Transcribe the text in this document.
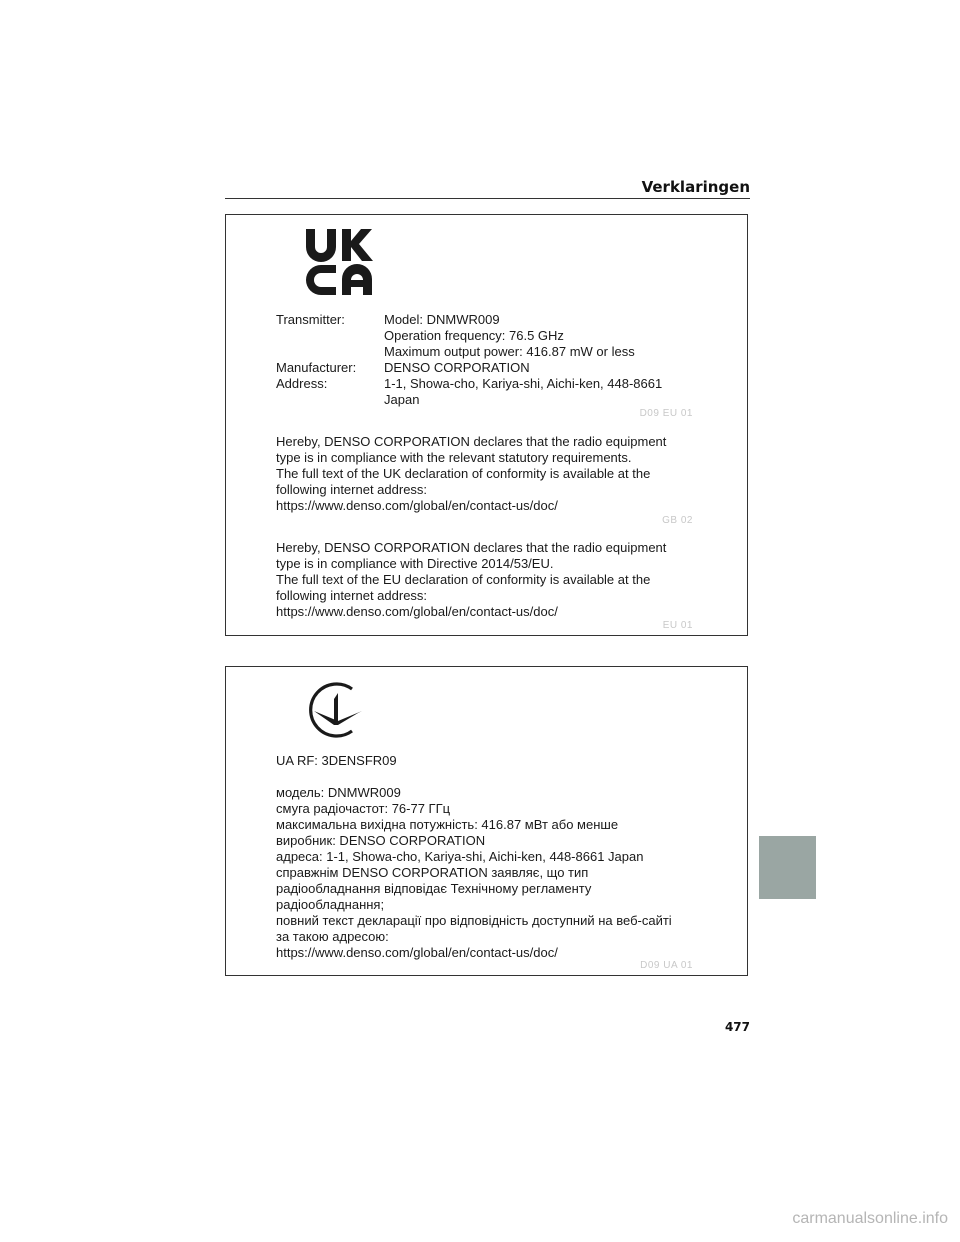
Verklaringen
Transmitter:	Model: DNMWR009
Operation frequency: 76.5 GHz
Maximum output power: 416.87 mW or less
Manufacturer:	DENSO CORPORATION
Address:	1-1, Showa-cho, Kariya-shi, Aichi-ken, 448-8661
Japan
D09 EU 01
Hereby, DENSO CORPORATION declares that the radio equipment
type is in compliance with the relevant statutory requirements.
The full text of the UK declaration of conformity is available at the
following internet address:
https://www.denso.com/global/en/contact-us/doc/
GB 02
Hereby, DENSO CORPORATION declares that the radio equipment
type is in compliance with Directive 2014/53/EU.
The full text of the EU declaration of conformity is available at the
following internet address:
https://www.denso.com/global/en/contact-us/doc/
EU 01
UA RF: 3DENSFR09
модель: DNMWR009
смуга радіочастот: 76-77 ГГц
максимальна вихідна потужність: 416.87 мВт або менше
виробник: DENSO CORPORATION
адреса: 1-1, Showa-cho, Kariya-shi, Aichi-ken, 448-8661 Japan
справжнім DENSO CORPORATION заявляє, що тип
радіообладнання відповідає Технічному регламенту
радіообладнання;
повний текст декларації про відповідність доступний на веб-сайті
за такою адресою:
https://www.denso.com/global/en/contact-us/doc/
D09 UA 01
477
carmanualsonline.info
